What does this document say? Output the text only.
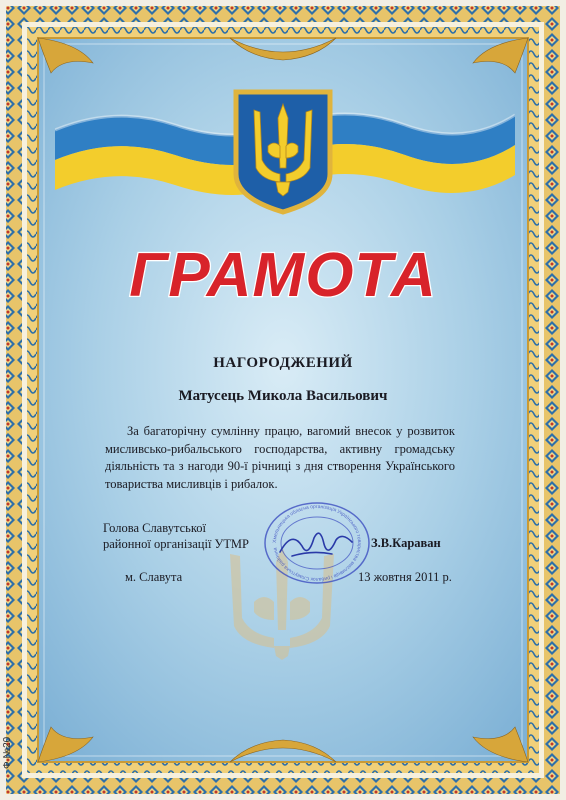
ГРАМОТА

НАГОРОДЖЕНИЙ

Матусець Микола Васильович

За багаторічну сумлінну працю, вагомий внесок у розвиток мисливсько-рибальського господарства, активну громадську діяльність та з нагоди 90-ї річниці з дня створення Українського товариства мисливців і рибалок.

Голова Славутської
районної організації УТМР	Хмельницька обласна організація Українського товариства мисливців і рибалок Славутська районна	З.В.Караван

м. Славута	13 жовтня 2011 р.

Ф №20
